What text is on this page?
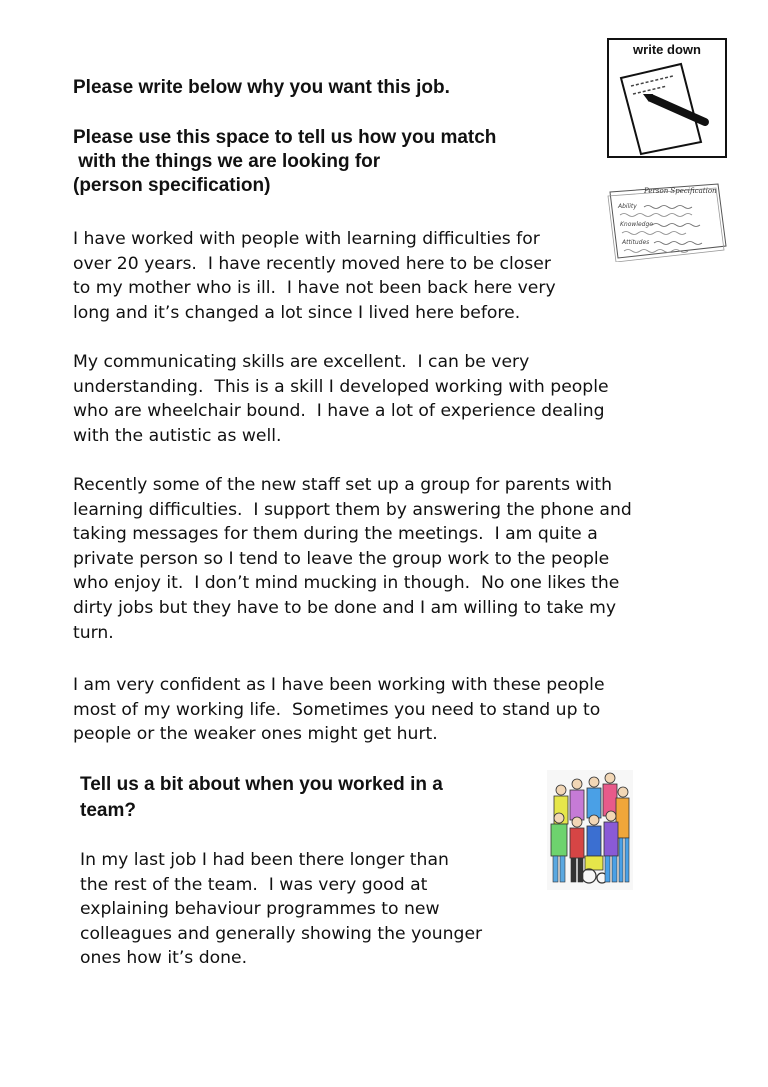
write down
Person Specification
Ability
Knowledge
Attitudes

Please write below why you want this job.

Please use this space to tell us how you match

with the things we are looking for

(person specification)

I have worked with people with learning difficulties for
over 20 years.  I have recently moved here to be closer
to my mother who is ill.  I have not been back here very
long and it’s changed a lot since I lived here before.
My communicating skills are excellent.  I can be very
understanding.  This is a skill I developed working with people
who are wheelchair bound.  I have a lot of experience dealing
with the autistic as well.
Recently some of the new staff set up a group for parents with
learning difficulties.  I support them by answering the phone and
taking messages for them during the meetings.  I am quite a
private person so I tend to leave the group work to the people
who enjoy it.  I don’t mind mucking in though.  No one likes the
dirty jobs but they have to be done and I am willing to take my
turn.
I am very confident as I have been working with these people
most of my working life.  Sometimes you need to stand up to
people or the weaker ones might get hurt.

Tell us a bit about when you worked in a

team?

In my last job I had been there longer than
the rest of the team.  I was very good at
explaining behaviour programmes to new
colleagues and generally showing the younger
ones how it’s done.
